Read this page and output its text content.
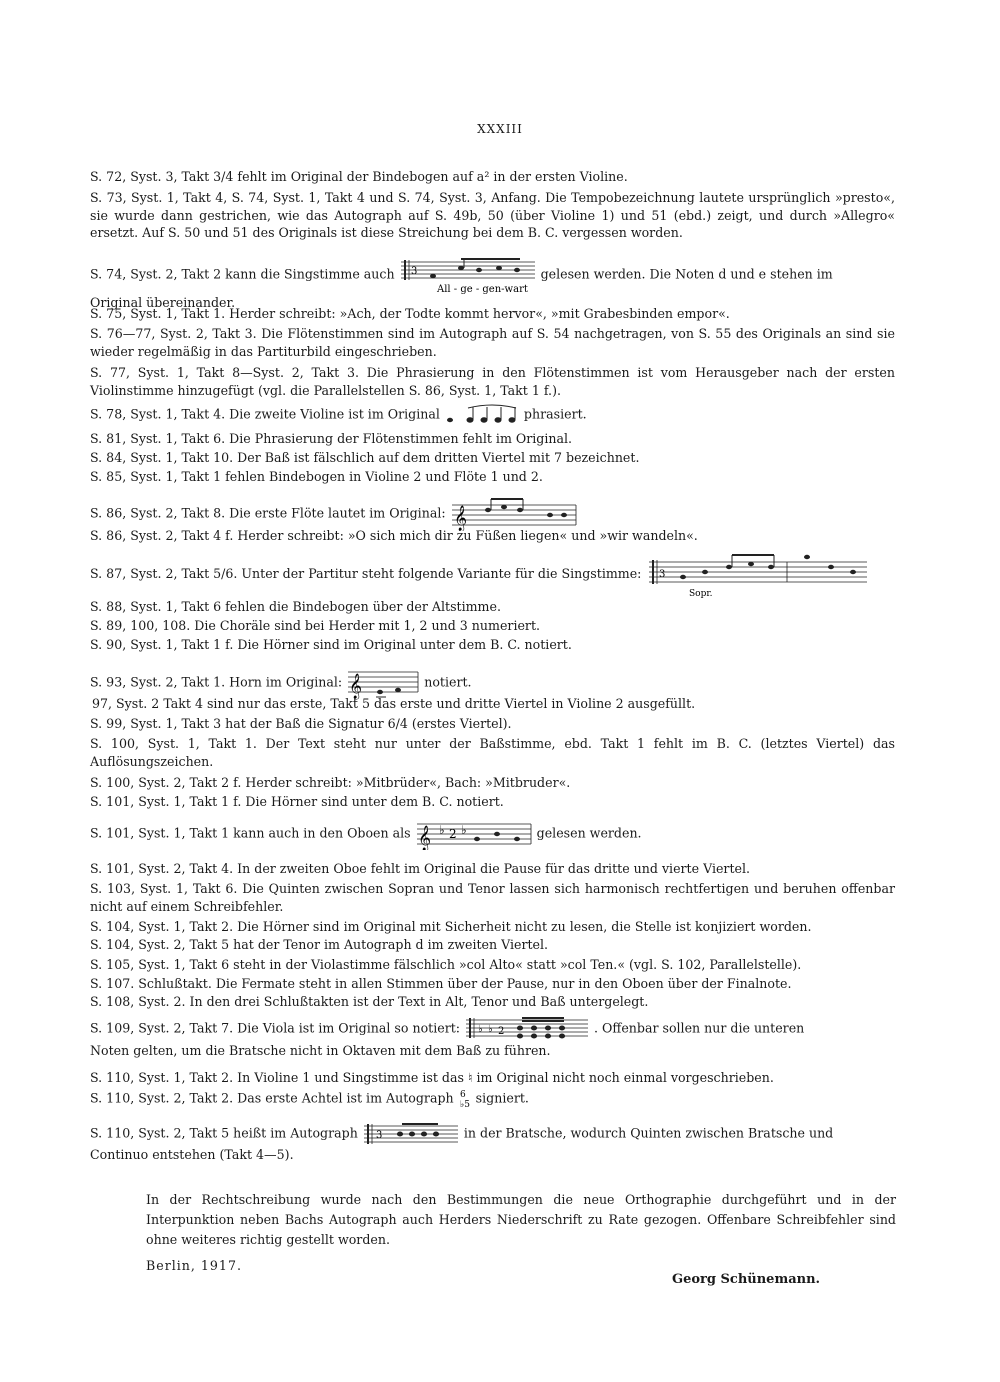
XXXIII
S. 72, Syst. 3, Takt 3/4 fehlt im Original der Bindebogen auf a² in der ersten Violine.
S. 73, Syst. 1, Takt 4, S. 74, Syst. 1, Takt 4 und S. 74, Syst. 3, Anfang. Die Tempobezeichnung lautete ursprünglich »presto«, sie wurde dann gestrichen, wie das Autograph auf S. 49b, 50 (über Violine 1) und 51 (ebd.) zeigt, und durch »Allegro« ersetzt. Auf S. 50 und 51 des Originals ist diese Streichung bei dem B. C. vergessen worden.
S. 74, Syst. 2, Takt 2 kann die Singstimme auch 3
All - ge - gen-wart
gelesen werden. Die Noten d und e stehen im
Original übereinander.
S. 75, Syst. 1, Takt 1. Herder schreibt: »Ach, der Todte kommt hervor«, »mit Grabesbinden empor«.
S. 76—77, Syst. 2, Takt 3. Die Flötenstimmen sind im Autograph auf S. 54 nachgetragen, von S. 55 des Originals an sind sie wieder regelmäßig in das Partiturbild eingeschrieben.
S. 77, Syst. 1, Takt 8—Syst. 2, Takt 3. Die Phrasierung in den Flötenstimmen ist vom Herausgeber nach der ersten Violinstimme hinzugefügt (vgl. die Parallelstellen S. 86, Syst. 1, Takt 1 f.).
S. 78, Syst. 1, Takt 4. Die zweite Violine ist im Original	phrasiert.
S. 81, Syst. 1, Takt 6. Die Phrasierung der Flötenstimmen fehlt im Original.
S. 84, Syst. 1, Takt 10. Der Baß ist fälschlich auf dem dritten Viertel mit 7 bezeichnet.
S. 85, Syst. 1, Takt 1 fehlen Bindebogen in Violine 2 und Flöte 1 und 2.
S. 86, Syst. 2, Takt 8. Die erste Flöte lautet im Original: 𝄞
S. 86, Syst. 2, Takt 4 f. Herder schreibt: »O sich mich dir zu Füßen liegen« und »wir wandeln«.
S. 87, Syst. 2, Takt 5/6. Unter der Partitur steht folgende Variante für die Singstimme: 3
Sopr.
S. 88, Syst. 1, Takt 6 fehlen die Bindebogen über der Altstimme.
S. 89, 100, 108. Die Choräle sind bei Herder mit 1, 2 und 3 numeriert.
S. 90, Syst. 1, Takt 1 f. Die Hörner sind im Original unter dem B. C. notiert.
S. 93, Syst. 2, Takt 1. Horn im Original: 𝄞	notiert.
97, Syst. 2 Takt 4 sind nur das erste, Takt 5 das erste und dritte Viertel in Violine 2 ausgefüllt.
S. 99, Syst. 1, Takt 3 hat der Baß die Signatur 6/4 (erstes Viertel).
S. 100, Syst. 1, Takt 1. Der Text steht nur unter der Baßstimme, ebd. Takt 1 fehlt im B. C. (letztes Viertel) das Auflösungszeichen.
S. 100, Syst. 2, Takt 2 f. Herder schreibt: »Mitbrüder«, Bach: »Mitbruder«.
S. 101, Syst. 1, Takt 1 f. Die Hörner sind unter dem B. C. notiert.
S. 101, Syst. 1, Takt 1 kann auch in den Oboen als 𝄞 ♭ 2 ♭	gelesen werden.
S. 101, Syst. 2, Takt 4. In der zweiten Oboe fehlt im Original die Pause für das dritte und vierte Viertel.
S. 103, Syst. 1, Takt 6. Die Quinten zwischen Sopran und Tenor lassen sich harmonisch rechtfertigen und beruhen offenbar nicht auf einem Schreibfehler.
S. 104, Syst. 1, Takt 2. Die Hörner sind im Original mit Sicherheit nicht zu lesen, die Stelle ist konjiziert worden.
S. 104, Syst. 2, Takt 5 hat der Tenor im Autograph d im zweiten Viertel.
S. 105, Syst. 1, Takt 6 steht in der Violastimme fälschlich »col Alto« statt »col Ten.« (vgl. S. 102, Parallelstelle).
S. 107. Schlußtakt. Die Fermate steht in allen Stimmen über der Pause, nur in den Oboen über der Finalnote.
S. 108, Syst. 2. In den drei Schlußtakten ist der Text in Alt, Tenor und Baß untergelegt.
S. 109, Syst. 2, Takt 7. Die Viola ist im Original so notiert: ♭ ♭ 2	. Offenbar sollen nur die unteren
Noten gelten, um die Bratsche nicht in Oktaven mit dem Baß zu führen.
S. 110, Syst. 1, Takt 2. In Violine 1 und Singstimme ist das ♮ im Original nicht noch einmal vorgeschrieben.
S. 110, Syst. 2, Takt 2. Das erste Achtel ist im Autograph 6
♭5 signiert.
S. 110, Syst. 2, Takt 5 heißt im Autograph 3	in der Bratsche, wodurch Quinten zwischen Bratsche und
Continuo entstehen (Takt 4—5).
In der Rechtschreibung wurde nach den Bestimmungen die neue Orthographie durchgeführt und in der Interpunktion neben Bachs Autograph auch Herders Niederschrift zu Rate gezogen. Offenbare Schreibfehler sind ohne weiteres richtig gestellt worden.
Berlin, 1917.
Georg Schünemann.
